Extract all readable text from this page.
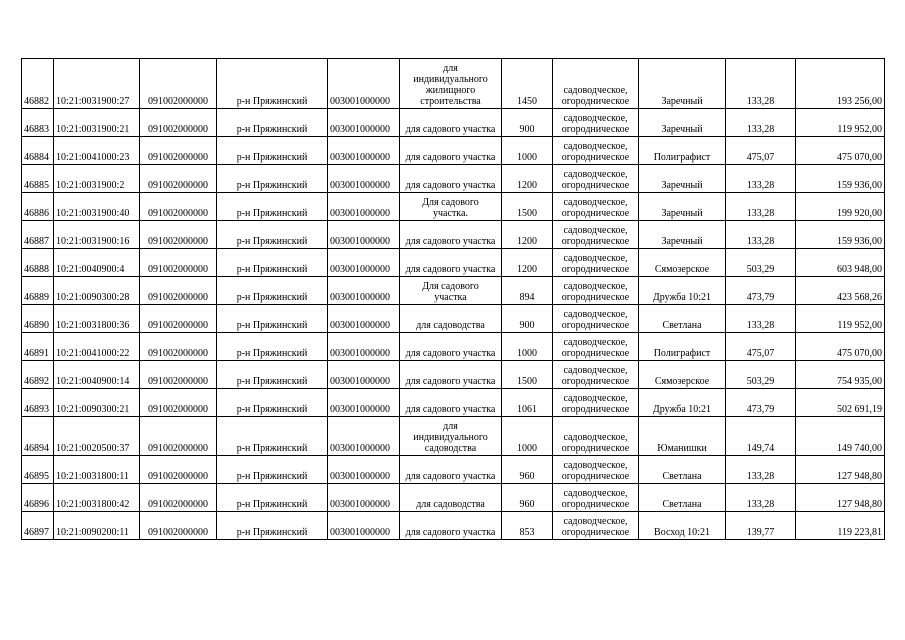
46882	10:21:0031900:27	091002000000	р-н Пряжинский	003001000000	для
индивидуального
жилищного
строительства	1450	садоводческое,
огородническое	Заречный	133,28	193 256,00
46883	10:21:0031900:21	091002000000	р-н Пряжинский	003001000000	для садового участка	900	садоводческое,
огородническое	Заречный	133,28	119 952,00
46884	10:21:0041000:23	091002000000	р-н Пряжинский	003001000000	для садового участка	1000	садоводческое,
огородническое	Полиграфист	475,07	475 070,00
46885	10:21:0031900:2	091002000000	р-н Пряжинский	003001000000	для садового участка	1200	садоводческое,
огородническое	Заречный	133,28	159 936,00
46886	10:21:0031900:40	091002000000	р-н Пряжинский	003001000000	Для садового
участка.	1500	садоводческое,
огородническое	Заречный	133,28	199 920,00
46887	10:21:0031900:16	091002000000	р-н Пряжинский	003001000000	для садового участка	1200	садоводческое,
огородническое	Заречный	133,28	159 936,00
46888	10:21:0040900:4	091002000000	р-н Пряжинский	003001000000	для садового участка	1200	садоводческое,
огородническое	Сямозерское	503,29	603 948,00
46889	10:21:0090300:28	091002000000	р-н Пряжинский	003001000000	Для садового
участка	894	садоводческое,
огородническое	Дружба 10:21	473,79	423 568,26
46890	10:21:0031800:36	091002000000	р-н Пряжинский	003001000000	для садоводства	900	садоводческое,
огородническое	Светлана	133,28	119 952,00
46891	10:21:0041000:22	091002000000	р-н Пряжинский	003001000000	для садового участка	1000	садоводческое,
огородническое	Полиграфист	475,07	475 070,00
46892	10:21:0040900:14	091002000000	р-н Пряжинский	003001000000	для садового участка	1500	садоводческое,
огородническое	Сямозерское	503,29	754 935,00
46893	10:21:0090300:21	091002000000	р-н Пряжинский	003001000000	для садового участка	1061	садоводческое,
огородническое	Дружба 10:21	473,79	502 691,19
46894	10:21:0020500:37	091002000000	р-н Пряжинский	003001000000	для
индивидуального
садоводства	1000	садоводческое,
огородническое	Юманишки	149,74	149 740,00
46895	10:21:0031800:11	091002000000	р-н Пряжинский	003001000000	для садового участка	960	садоводческое,
огородническое	Светлана	133,28	127 948,80
46896	10:21:0031800:42	091002000000	р-н Пряжинский	003001000000	для садоводства	960	садоводческое,
огородническое	Светлана	133,28	127 948,80
46897	10:21:0090200:11	091002000000	р-н Пряжинский	003001000000	для садового участка	853	садоводческое,
огородническое	Восход 10:21	139,77	119 223,81
